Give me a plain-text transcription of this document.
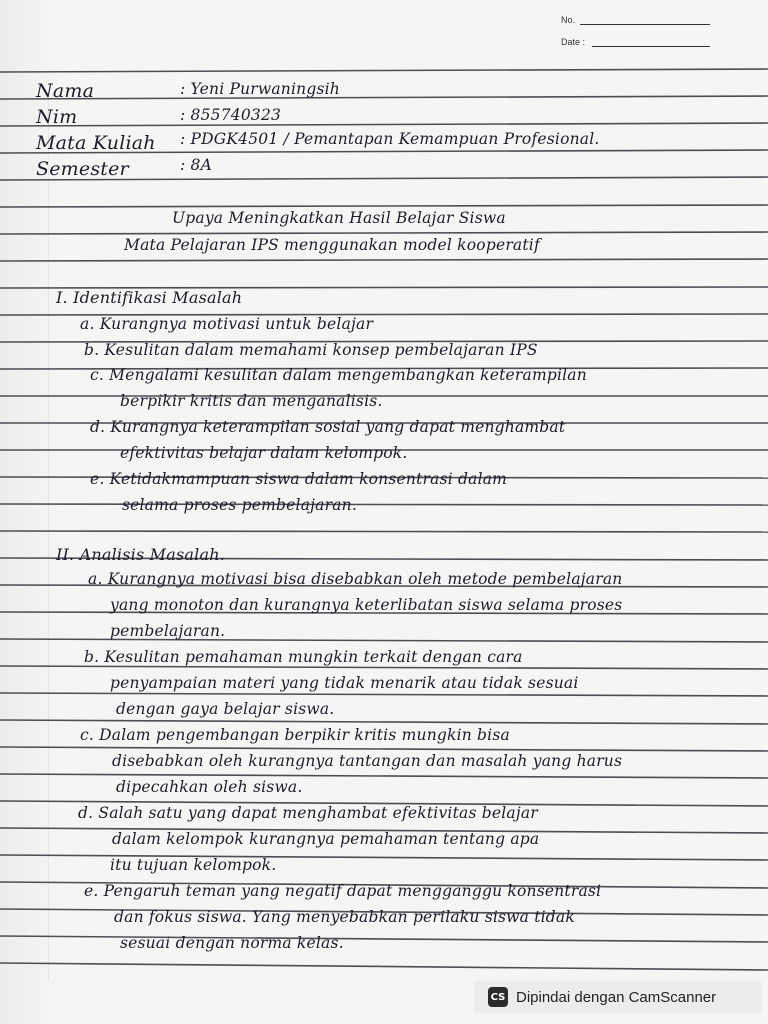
No.
Date :
Nama	: Yeni Purwaningsih
Nim	: 855740323
Mata Kuliah : PDGK4501 / Pemantapan Kemampuan Profesional.
Semester	: 8A
Upaya Meningkatkan Hasil Belajar Siswa
Mata Pelajaran IPS menggunakan model kooperatif
I. Identifikasi Masalah
a. Kurangnya motivasi untuk belajar
b. Kesulitan dalam memahami konsep pembelajaran IPS
c. Mengalami kesulitan dalam mengembangkan keterampilan
berpikir kritis dan menganalisis.
d. Kurangnya keterampilan sosial yang dapat menghambat
efektivitas belajar dalam kelompok.
e. Ketidakmampuan siswa dalam konsentrasi dalam
selama proses pembelajaran.
II. Analisis Masalah.
a. Kurangnya motivasi bisa disebabkan oleh metode pembelajaran
yang monoton dan kurangnya keterlibatan siswa selama proses
pembelajaran.
b. Kesulitan pemahaman mungkin terkait dengan cara
penyampaian materi yang tidak menarik atau tidak sesuai
dengan gaya belajar siswa.
c. Dalam pengembangan berpikir kritis mungkin bisa
disebabkan oleh kurangnya tantangan dan masalah yang harus
dipecahkan oleh siswa.
d. Salah satu yang dapat menghambat efektivitas belajar
dalam kelompok kurangnya pemahaman tentang apa
itu tujuan kelompok.
e. Pengaruh teman yang negatif dapat mengganggu konsentrasi
dan fokus siswa. Yang menyebabkan perilaku siswa tidak
sesuai dengan norma kelas.
CS Dipindai dengan CamScanner
